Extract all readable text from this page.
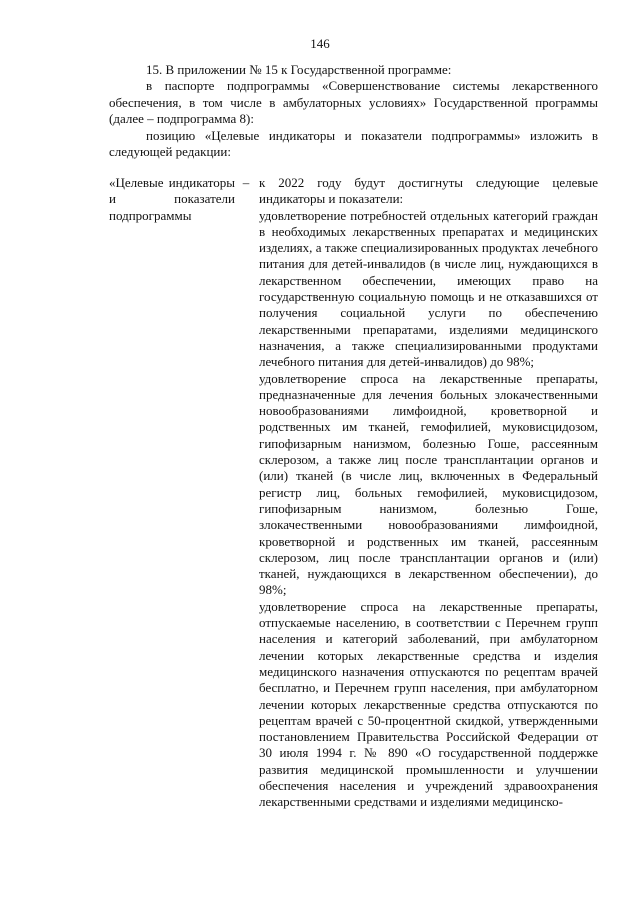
146

15. В приложении № 15 к Государственной программе:

в паспорте подпрограммы «Совершенствование системы лекарственного обеспечения, в том числе в амбулаторных условиях» Государственной программы (далее – подпрограмма 8):

позицию «Целевые индикаторы и показатели подпрограммы» изложить в следующей редакции:

«Целевые индикаторы и показатели подпрограммы
– к 2022 году будут достигнуты следующие целевые индикаторы и показатели:

удовлетворение потребностей отдельных категорий граждан в необходимых лекарственных препаратах и медицинских изделиях, а также специализированных продуктах лечебного питания для детей-инвалидов (в числе лиц, нуждающихся в лекарственном обеспечении, имеющих право на государственную социальную помощь и не отказавшихся от получения социальной услуги по обеспечению лекарственными препаратами, изделиями медицинского назначения, а также специализированными продуктами лечебного питания для детей-инвалидов) до 98%;

удовлетворение спроса на лекарственные препараты, предназначенные для лечения больных злокачественными новообразованиями лимфоидной, кроветворной и родственных им тканей, гемофилией, муковисцидозом, гипофизарным нанизмом, болезнью Гоше, рассеянным склерозом, а также лиц после трансплантации органов и (или) тканей (в числе лиц, включенных в Федеральный регистр лиц, больных гемофилией, муковисцидозом, гипофизарным нанизмом, болезнью Гоше, злокачественными новообразованиями лимфоидной, кроветворной и родственных им тканей, рассеянным склерозом, лиц после трансплантации органов и (или) тканей, нуждающихся в лекарственном обеспечении), до 98%;

удовлетворение спроса на лекарственные препараты, отпускаемые населению, в соответствии с Перечнем групп населения и категорий заболеваний, при амбулаторном лечении которых лекарственные средства и изделия медицинского назначения отпускаются по рецептам врачей бесплатно, и Перечнем групп населения, при амбулаторном лечении которых лекарственные средства отпускаются по рецептам врачей с 50-процентной скидкой, утвержденными постановлением Правительства Российской Федерации от 30 июля 1994 г. № 890 «О государственной поддержке развития медицинской промышленности и улучшении обеспечения населения и учреждений здравоохранения лекарственными средствами и изделиями медицинско-
